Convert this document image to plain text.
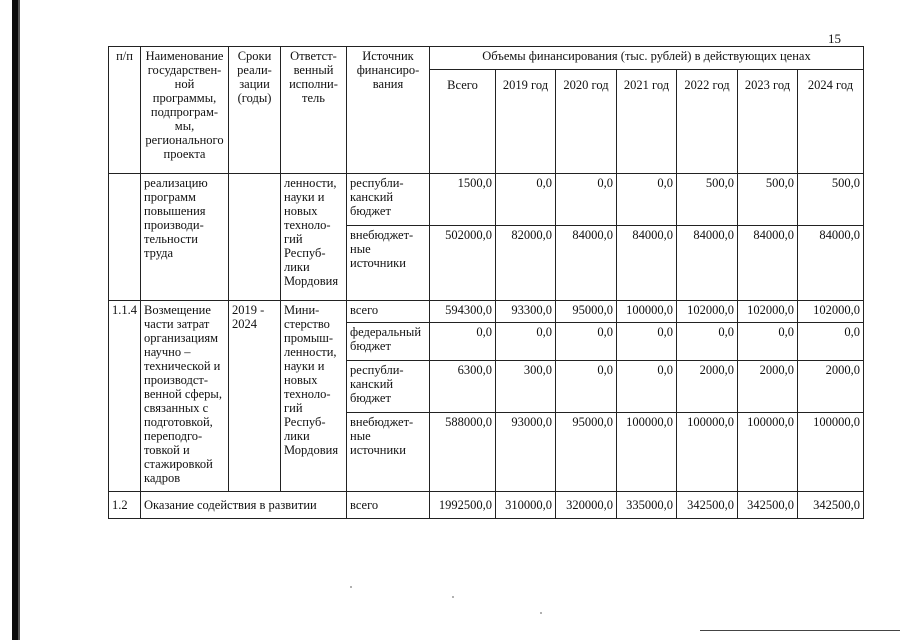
15
п/п	Наименование государствен-ной программы, подпрограм-мы, регионального проекта	Сроки реали-зации (годы)	Ответст-венный исполни-тель	Источник финансиро-вания	Объемы финансирования (тыс. рублей) в действующих ценах						
					Всего	2019 год	2020 год	2021 год	2022 год	2023 год	2024 год
	реализацию программ повышения производи-тельности труда		ленности, науки и новых техноло-гий Респуб-лики Мордовия	республи-канский бюджет	1500,0	0,0	0,0	0,0	500,0	500,0	500,0
				внебюджет-ные источники	502000,0	82000,0	84000,0	84000,0	84000,0	84000,0	84000,0
1.1.4	Возмещение части затрат организациям научно – технической и производст-венной сферы, связанных с подготовкой, переподго-товкой и стажировкой кадров	2019 - 2024	Мини-стерство промыш-ленности, науки и новых техноло-гий Респуб-лики Мордовия	всего	594300,0	93300,0	95000,0	100000,0	102000,0	102000,0	102000,0
				федеральный бюджет	0,0	0,0	0,0	0,0	0,0	0,0	0,0
				республи-канский бюджет	6300,0	300,0	0,0	0,0	2000,0	2000,0	2000,0
				внебюджет-ные источники	588000,0	93000,0	95000,0	100000,0	100000,0	100000,0	100000,0
1.2	Оказание содействия в развитии			всего	1992500,0	310000,0	320000,0	335000,0	342500,0	342500,0	342500,0
